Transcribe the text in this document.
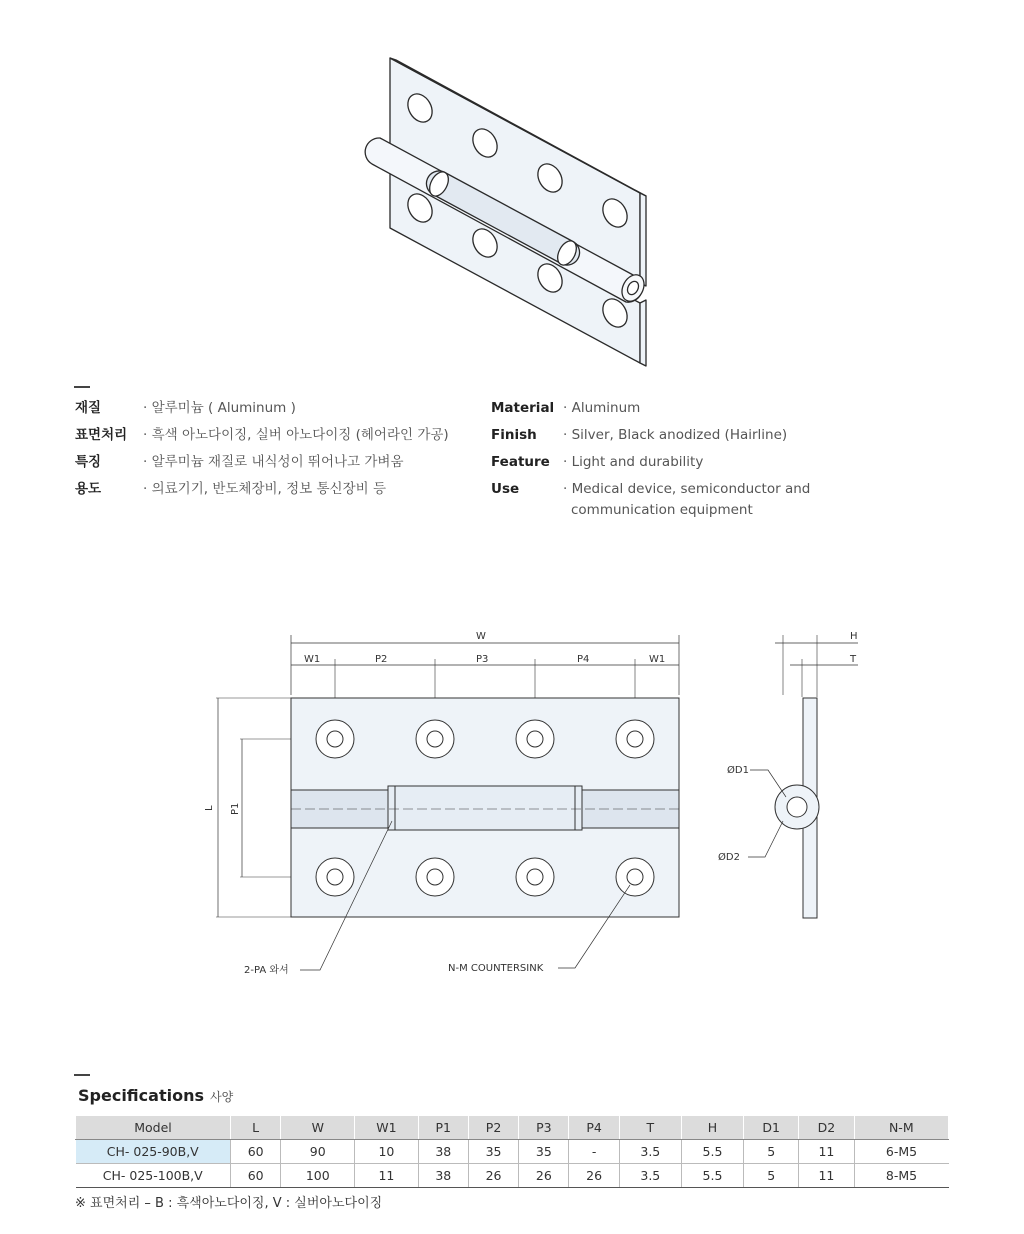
재질	· 알루미늄 ( Aluminum )
표면처리 · 흑색 아노다이징, 실버 아노다이징 (헤어라인 가공)
특징	· 알루미늄 재질로 내식성이 뛰어나고 가벼움
용도	· 의료기기, 반도체장비, 정보 통신장비 등
Material · Aluminum
Finish · Silver, Black anodized (Hairline)
Feature · Light and durability
Use	· Medical device, semiconductor and
communication equipment
W
W1	P2	P3	P4	W1
L P1
2-PA 와셔	N-M COUNTERSINK
H
T
ØD1
ØD2
Specifications 사양
Model	L	W	W1	P1	P2	P3	P4	T	H	D1	D2	N-M
CH- 025-90B,V	60	90	10	38	35	35	-	3.5	5.5	5	11	6-M5
CH- 025-100B,V	60	100	11	38	26	26	26	3.5	5.5	5	11	8-M5
※ 표면처리 – B : 흑색아노다이징, V : 실버아노다이징
